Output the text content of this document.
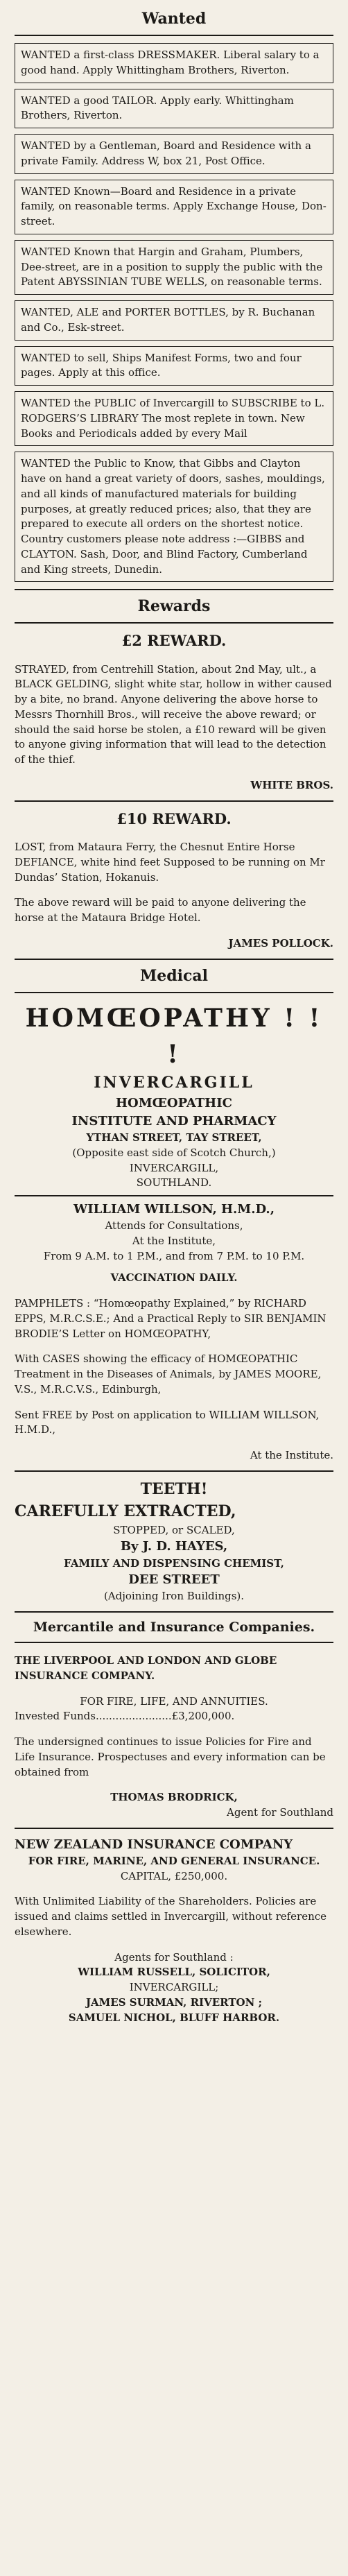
Wanted

WANTED a first-class DRESSMAKER. Liberal salary to a good hand. Apply Whittingham Brothers, Riverton.

WANTED a good TAILOR. Apply early. Whittingham Brothers, Riverton.

WANTED by a Gentleman, Board and Residence with a private Family. Address W, box 21, Post Office.

WANTED Known—Board and Residence in a private family, on reasonable terms. Apply Exchange House, Don-street.

WANTED Known that Hargin and Graham, Plumbers, Dee-street, are in a position to supply the public with the Patent ABYSSINIAN TUBE WELLS, on reasonable terms.

WANTED, ALE and PORTER BOTTLES, by R. Buchanan and Co., Esk-street.

WANTED to sell, Ships Manifest Forms, two and four pages. Apply at this office.

WANTED the PUBLIC of Invercargill to SUBSCRIBE to L. RODGERS’S LIBRARY The most replete in town. New Books and Periodicals added by every Mail

WANTED the Public to Know, that Gibbs and Clayton have on hand a great variety of doors, sashes, mouldings, and all kinds of manufactured materials for building purposes, at greatly reduced prices; also, that they are prepared to execute all orders on the shortest notice. Country customers please note address :—GIBBS and CLAYTON. Sash, Door, and Blind Factory, Cumberland and King streets, Dunedin.

Rewards
£2 REWARD.

STRAYED, from Centrehill Station, about 2nd May, ult., a BLACK GELDING, slight white star, hollow in wither caused by a bite, no brand. Anyone delivering the above horse to Messrs Thornhill Bros., will receive the above reward; or should the said horse be stolen, a £10 reward will be given to anyone giving information that will lead to the detection of the thief.

WHITE BROS.
£10 REWARD.

LOST, from Mataura Ferry, the Chesnut Entire Horse DEFIANCE, white hind feet Supposed to be running on Mr Dundas’ Station, Hokanuis.

The above reward will be paid to anyone delivering the horse at the Mataura Bridge Hotel.

JAMES POLLOCK.
Medical
HOMŒOPATHY ! ! !
INVERCARGILL
HOMŒOPATHIC
INSTITUTE AND PHARMACY
YTHAN STREET, TAY STREET,
(Opposite east side of Scotch Church,)
INVERCARGILL,
SOUTHLAND.
WILLIAM WILLSON, H.M.D.,
Attends for Consultations,
At the Institute,
From 9 A.M. to 1 P.M., and from 7 P.M. to 10 P.M.
VACCINATION DAILY.

PAMPHLETS : “Homœopathy Explained,” by RICHARD EPPS, M.R.C.S.E.; And a Practical Reply to SIR BENJAMIN BRODIE’S Letter on HOMŒOPATHY,

With CASES showing the efficacy of HOMŒOPATHIC Treatment in the Diseases of Animals, by JAMES MOORE, V.S., M.R.C.V.S., Edinburgh,

Sent FREE by Post on application to WILLIAM WILLSON, H.M.D.,

At the Institute.
TEETH!
CAREFULLY EXTRACTED,
STOPPED, or SCALED,
By J. D. HAYES,
FAMILY AND DISPENSING CHEMIST,
DEE STREET
(Adjoining Iron Buildings).
Mercantile and Insurance Companies.

THE LIVERPOOL AND LONDON AND GLOBE INSURANCE COMPANY.

FOR FIRE, LIFE, AND ANNUITIES.
Invested Funds.......................£3,200,000.

The undersigned continues to issue Policies for Fire and Life Insurance. Prospectuses and every information can be obtained from

THOMAS BRODRICK,
Agent for Southland
NEW ZEALAND INSURANCE COMPANY
FOR FIRE, MARINE, AND GENERAL INSURANCE.
CAPITAL, £250,000.

With Unlimited Liability of the Shareholders. Policies are issued and claims settled in Invercargill, without reference elsewhere.

Agents for Southland :
WILLIAM RUSSELL, SOLICITOR,
INVERCARGILL;
JAMES SURMAN, RIVERTON ;
SAMUEL NICHOL, BLUFF HARBOR.
